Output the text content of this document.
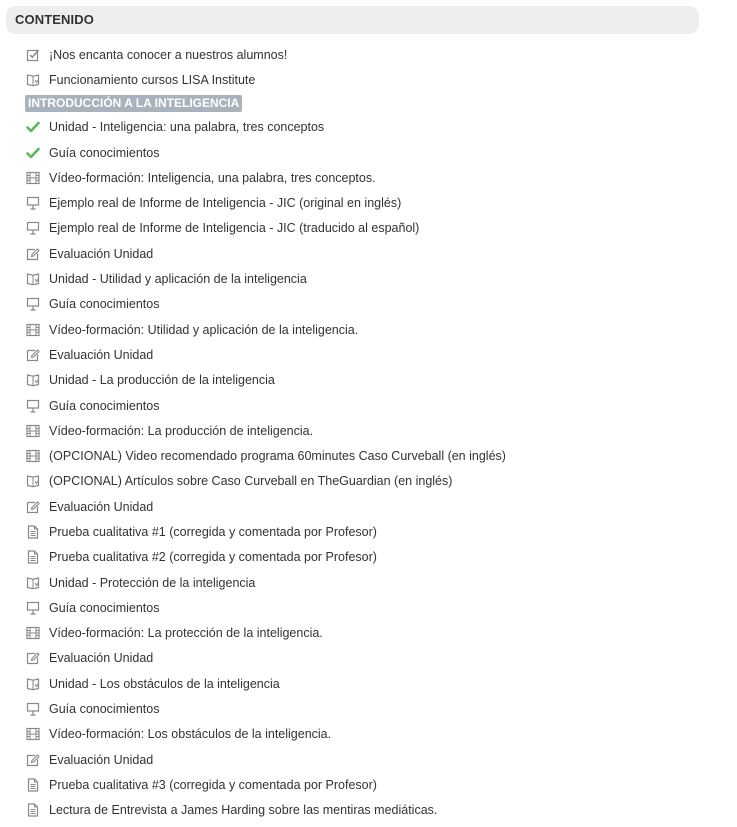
CONTENIDO
¡Nos encanta conocer a nuestros alumnos!
Funcionamiento cursos LISA Institute
INTRODUCCIÓN A LA INTELIGENCIA
Unidad - Inteligencia: una palabra, tres conceptos
Guía conocimientos
Vídeo-formación: Inteligencia, una palabra, tres conceptos.
Ejemplo real de Informe de Inteligencia - JIC (original en inglés)
Ejemplo real de Informe de Inteligencia - JIC (traducido al español)
Evaluación Unidad
Unidad - Utilidad y aplicación de la inteligencia
Guía conocimientos
Vídeo-formación: Utilidad y aplicación de la inteligencia.
Evaluación Unidad
Unidad - La producción de la inteligencia
Guía conocimientos
Vídeo-formación: La producción de inteligencia.
(OPCIONAL) Video recomendado programa 60minutes Caso Curveball (en inglés)
(OPCIONAL) Artículos sobre Caso Curveball en TheGuardian (en inglés)
Evaluación Unidad
Prueba cualitativa #1 (corregida y comentada por Profesor)
Prueba cualitativa #2 (corregida y comentada por Profesor)
Unidad - Protección de la inteligencia
Guía conocimientos
Vídeo-formación: La protección de la inteligencia.
Evaluación Unidad
Unidad - Los obstáculos de la inteligencia
Guía conocimientos
Vídeo-formación: Los obstáculos de la inteligencia.
Evaluación Unidad
Prueba cualitativa #3 (corregida y comentada por Profesor)
Lectura de Entrevista a James Harding sobre las mentiras mediáticas.
